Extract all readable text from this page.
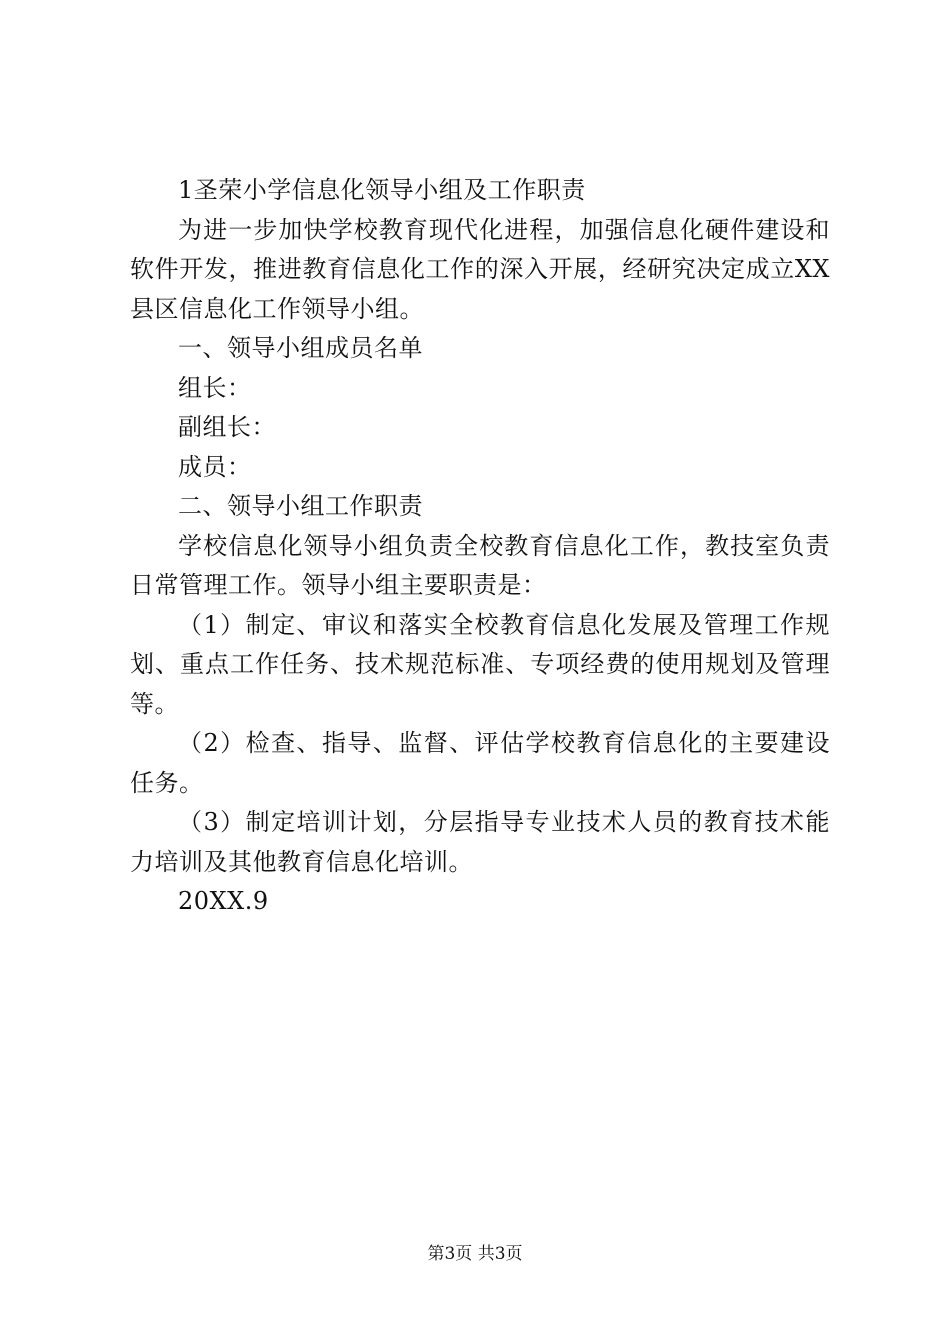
1圣荣小学信息化领导小组及工作职责

为进一步加快学校教育现代化进程，加强信息化硬件建设和软件开发，推进教育信息化工作的深入开展，经研究决定成立XX县区信息化工作领导小组。

一、领导小组成员名单

组长：

副组长：

成员：

二、领导小组工作职责

学校信息化领导小组负责全校教育信息化工作，教技室负责日常管理工作。领导小组主要职责是：

（1）制定、审议和落实全校教育信息化发展及管理工作规划、重点工作任务、技术规范标准、专项经费的使用规划及管理等。

（2）检查、指导、监督、评估学校教育信息化的主要建设任务。

（3）制定培训计划，分层指导专业技术人员的教育技术能力培训及其他教育信息化培训。

20XX.9

第3页 共3页
